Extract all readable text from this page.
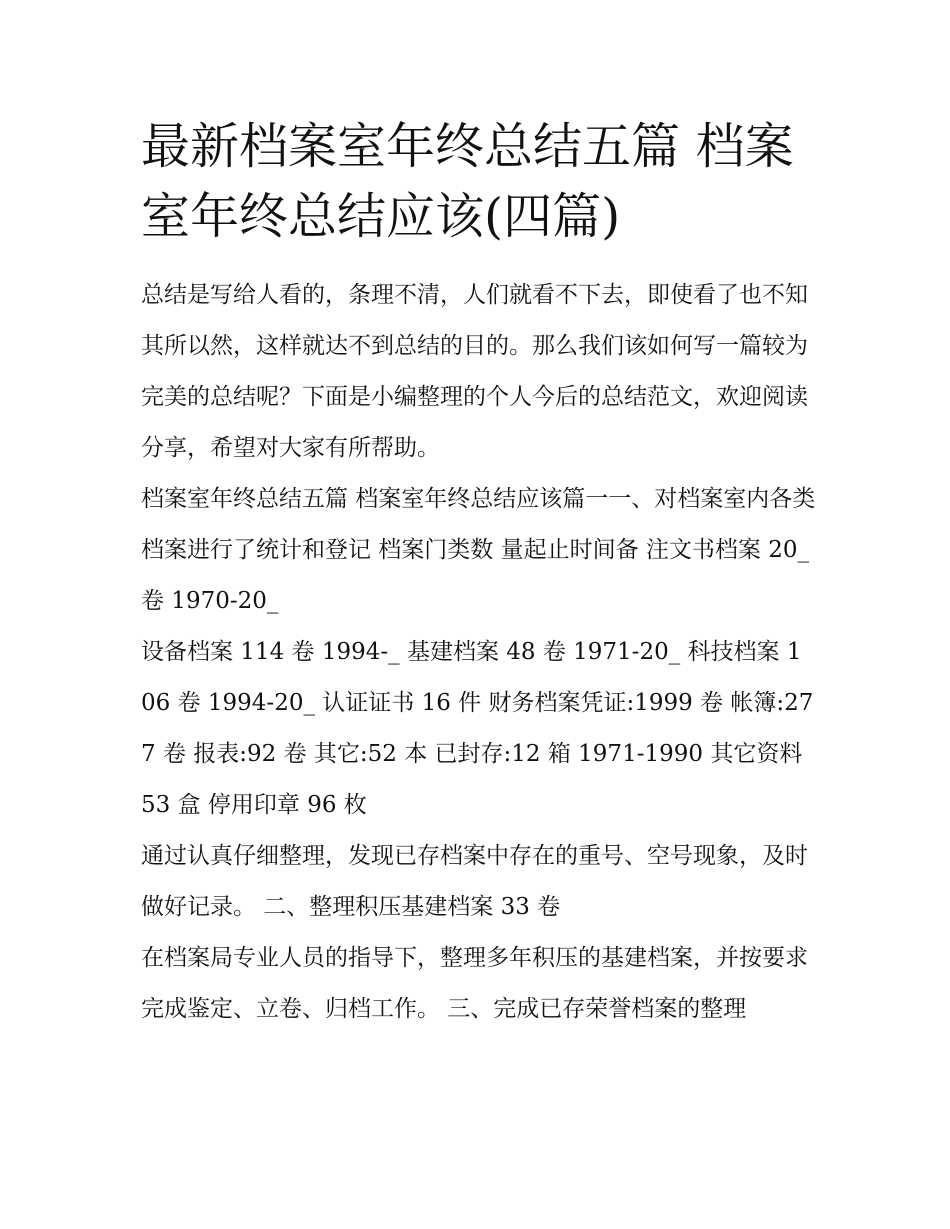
最新档案室年终总结五篇 档案室年终总结应该(四篇)

总结是写给人看的，条理不清，人们就看不下去，即使看了也不知其所以然，这样就达不到总结的目的。那么我们该如何写一篇较为完美的总结呢？下面是小编整理的个人今后的总结范文，欢迎阅读分享，希望对大家有所帮助。

档案室年终总结五篇 档案室年终总结应该篇一一、对档案室内各类档案进行了统计和登记 档案门类数 量起止时间备 注文书档案 20_卷 1970-20_

设备档案 114 卷 1994-_ 基建档案 48 卷 1971-20_ 科技档案 106 卷 1994-20_ 认证证书 16 件 财务档案凭证:1999 卷 帐簿:277 卷 报表:92 卷 其它:52 本 已封存:12 箱 1971-1990 其它资料 53 盒 停用印章 96 枚

通过认真仔细整理，发现已存档案中存在的重号、空号现象，及时做好记录。 二、整理积压基建档案 33 卷

在档案局专业人员的指导下，整理多年积压的基建档案，并按要求完成鉴定、立卷、归档工作。 三、完成已存荣誉档案的整理
